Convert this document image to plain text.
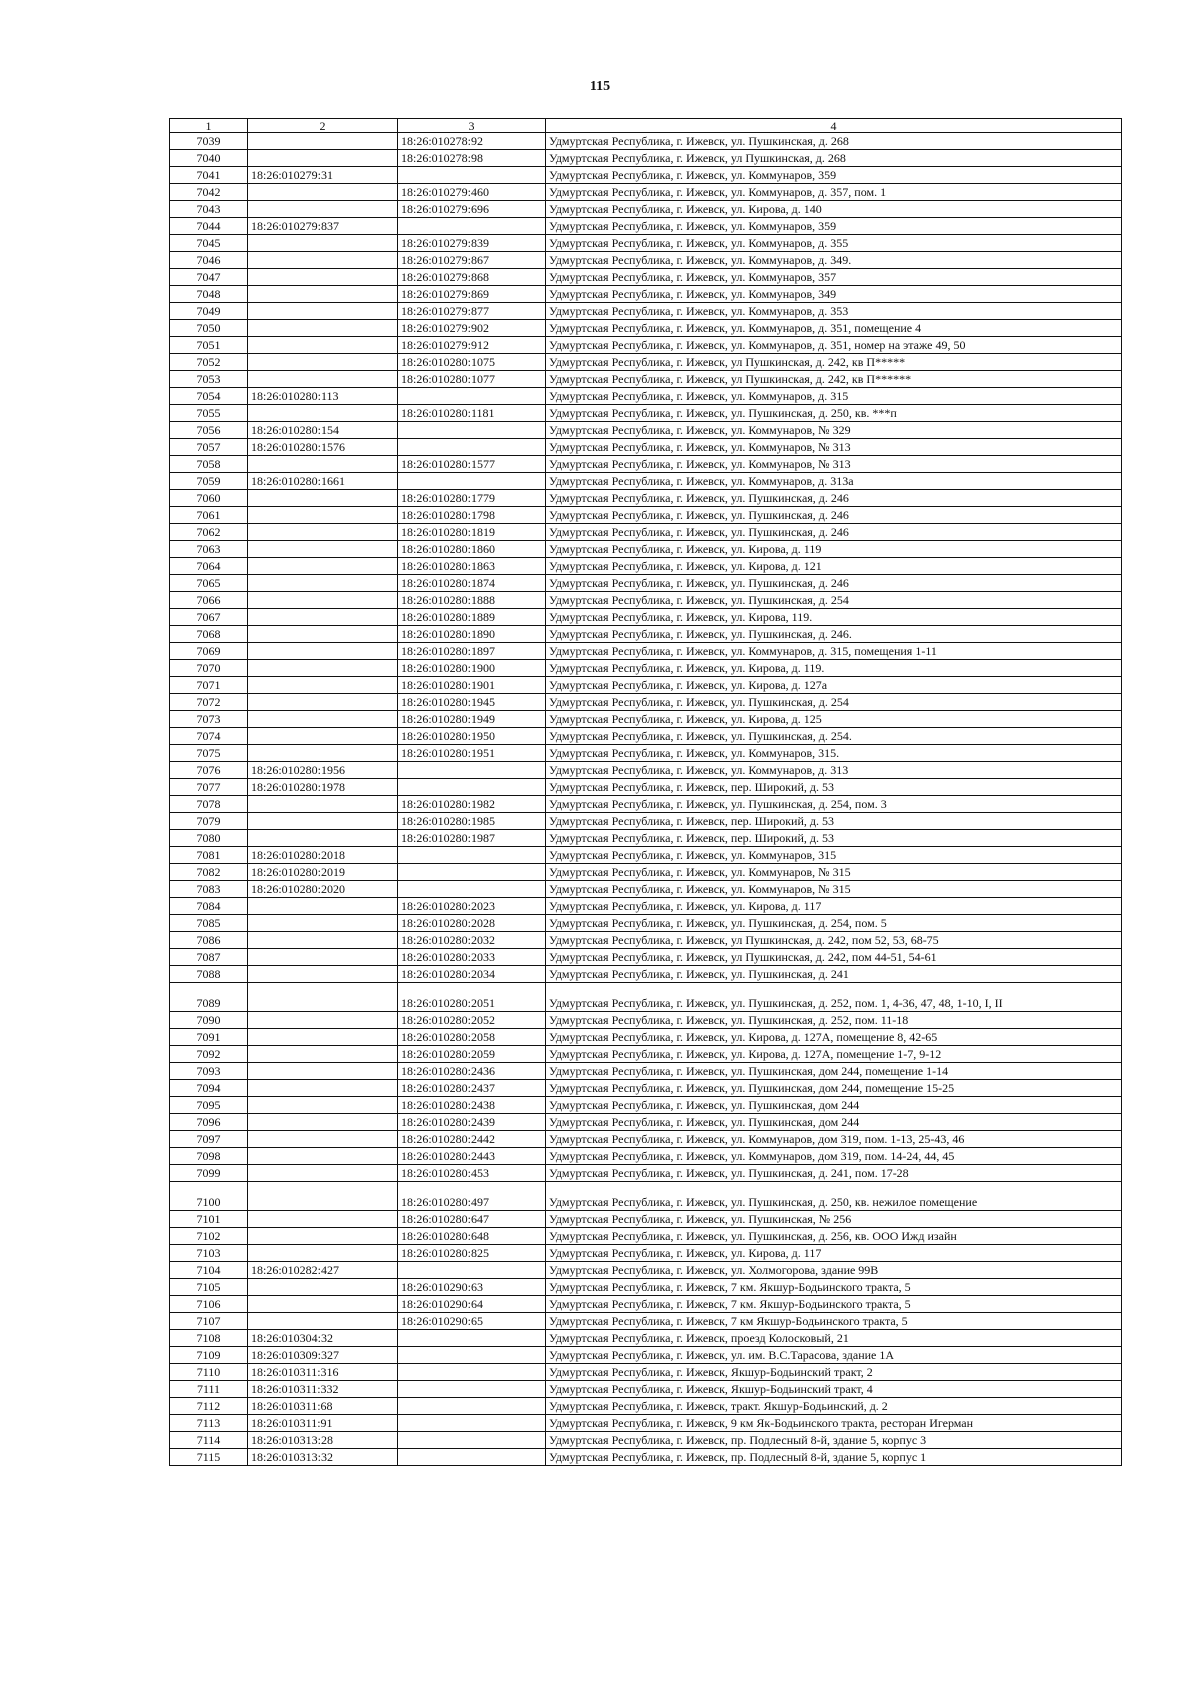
115
1	2	3	4
7039		18:26:010278:92	Удмуртская Республика, г. Ижевск, ул. Пушкинская, д. 268
7040		18:26:010278:98	Удмуртская Республика, г. Ижевск, ул Пушкинская, д. 268
7041	18:26:010279:31		Удмуртская Республика, г. Ижевск, ул. Коммунаров, 359
7042		18:26:010279:460	Удмуртская Республика, г. Ижевск, ул. Коммунаров, д. 357, пом. 1
7043		18:26:010279:696	Удмуртская Республика, г. Ижевск, ул. Кирова, д. 140
7044	18:26:010279:837		Удмуртская Республика, г. Ижевск, ул. Коммунаров, 359
7045		18:26:010279:839	Удмуртская Республика, г. Ижевск, ул. Коммунаров, д. 355
7046		18:26:010279:867	Удмуртская Республика, г. Ижевск, ул. Коммунаров, д. 349.
7047		18:26:010279:868	Удмуртская Республика, г. Ижевск, ул. Коммунаров, 357
7048		18:26:010279:869	Удмуртская Республика, г. Ижевск, ул. Коммунаров, 349
7049		18:26:010279:877	Удмуртская Республика, г. Ижевск, ул. Коммунаров, д. 353
7050		18:26:010279:902	Удмуртская Республика, г. Ижевск, ул. Коммунаров, д. 351, помещение 4
7051		18:26:010279:912	Удмуртская Республика, г. Ижевск, ул. Коммунаров, д. 351, номер на этаже 49, 50
7052		18:26:010280:1075	Удмуртская Республика, г. Ижевск, ул Пушкинская, д. 242, кв П*****
7053		18:26:010280:1077	Удмуртская Республика, г. Ижевск, ул Пушкинская, д. 242, кв П******
7054	18:26:010280:113		Удмуртская Республика, г. Ижевск, ул. Коммунаров, д. 315
7055		18:26:010280:1181	Удмуртская Республика, г. Ижевск, ул. Пушкинская, д. 250, кв. ***п
7056	18:26:010280:154		Удмуртская Республика, г. Ижевск, ул. Коммунаров, № 329
7057	18:26:010280:1576		Удмуртская Республика, г. Ижевск, ул. Коммунаров, № 313
7058		18:26:010280:1577	Удмуртская Республика, г. Ижевск, ул. Коммунаров, № 313
7059	18:26:010280:1661		Удмуртская Республика, г. Ижевск, ул. Коммунаров, д. 313а
7060		18:26:010280:1779	Удмуртская Республика, г. Ижевск, ул. Пушкинская, д. 246
7061		18:26:010280:1798	Удмуртская Республика, г. Ижевск, ул. Пушкинская, д. 246
7062		18:26:010280:1819	Удмуртская Республика, г. Ижевск, ул. Пушкинская, д. 246
7063		18:26:010280:1860	Удмуртская Республика, г. Ижевск, ул. Кирова, д. 119
7064		18:26:010280:1863	Удмуртская Республика, г. Ижевск, ул. Кирова, д. 121
7065		18:26:010280:1874	Удмуртская Республика, г. Ижевск, ул. Пушкинская, д. 246
7066		18:26:010280:1888	Удмуртская Республика, г. Ижевск, ул. Пушкинская, д. 254
7067		18:26:010280:1889	Удмуртская Республика, г. Ижевск, ул. Кирова, 119.
7068		18:26:010280:1890	Удмуртская Республика, г. Ижевск, ул. Пушкинская, д. 246.
7069		18:26:010280:1897	Удмуртская Республика, г. Ижевск, ул. Коммунаров, д. 315, помещения 1-11
7070		18:26:010280:1900	Удмуртская Республика, г. Ижевск, ул. Кирова, д. 119.
7071		18:26:010280:1901	Удмуртская Республика, г. Ижевск, ул. Кирова, д. 127а
7072		18:26:010280:1945	Удмуртская Республика, г. Ижевск, ул. Пушкинская, д. 254
7073		18:26:010280:1949	Удмуртская Республика, г. Ижевск, ул. Кирова, д. 125
7074		18:26:010280:1950	Удмуртская Республика, г. Ижевск, ул. Пушкинская, д. 254.
7075		18:26:010280:1951	Удмуртская Республика, г. Ижевск, ул. Коммунаров, 315.
7076	18:26:010280:1956		Удмуртская Республика, г. Ижевск, ул. Коммунаров, д. 313
7077	18:26:010280:1978		Удмуртская Республика, г. Ижевск, пер. Широкий, д. 53
7078		18:26:010280:1982	Удмуртская Республика, г. Ижевск, ул. Пушкинская, д. 254, пом. 3
7079		18:26:010280:1985	Удмуртская Республика, г. Ижевск, пер. Широкий, д. 53
7080		18:26:010280:1987	Удмуртская Республика, г. Ижевск, пер. Широкий, д. 53
7081	18:26:010280:2018		Удмуртская Республика, г. Ижевск, ул. Коммунаров, 315
7082	18:26:010280:2019		Удмуртская Республика, г. Ижевск, ул. Коммунаров, № 315
7083	18:26:010280:2020		Удмуртская Республика, г. Ижевск, ул. Коммунаров, № 315
7084		18:26:010280:2023	Удмуртская Республика, г. Ижевск, ул. Кирова, д. 117
7085		18:26:010280:2028	Удмуртская Республика, г. Ижевск, ул. Пушкинская, д. 254, пом. 5
7086		18:26:010280:2032	Удмуртская Республика, г. Ижевск, ул Пушкинская, д. 242, пом 52, 53, 68-75
7087		18:26:010280:2033	Удмуртская Республика, г. Ижевск, ул Пушкинская, д. 242, пом 44-51, 54-61
7088		18:26:010280:2034	Удмуртская Республика, г. Ижевск, ул. Пушкинская, д. 241
7089		18:26:010280:2051	Удмуртская Республика, г. Ижевск, ул. Пушкинская, д. 252, пом. 1, 4-36, 47, 48, 1-10, I, II
7090		18:26:010280:2052	Удмуртская Республика, г. Ижевск, ул. Пушкинская, д. 252, пом. 11-18
7091		18:26:010280:2058	Удмуртская Республика, г. Ижевск, ул. Кирова, д. 127А, помещение 8, 42-65
7092		18:26:010280:2059	Удмуртская Республика, г. Ижевск, ул. Кирова, д. 127А, помещение 1-7, 9-12
7093		18:26:010280:2436	Удмуртская Республика, г. Ижевск, ул. Пушкинская, дом 244, помещение 1-14
7094		18:26:010280:2437	Удмуртская Республика, г. Ижевск, ул. Пушкинская, дом 244, помещение 15-25
7095		18:26:010280:2438	Удмуртская Республика, г. Ижевск, ул. Пушкинская, дом 244
7096		18:26:010280:2439	Удмуртская Республика, г. Ижевск, ул. Пушкинская, дом 244
7097		18:26:010280:2442	Удмуртская Республика, г. Ижевск, ул. Коммунаров, дом 319, пом. 1-13, 25-43, 46
7098		18:26:010280:2443	Удмуртская Республика, г. Ижевск, ул. Коммунаров, дом 319, пом. 14-24, 44, 45
7099		18:26:010280:453	Удмуртская Республика, г. Ижевск, ул. Пушкинская, д. 241, пом. 17-28
7100		18:26:010280:497	Удмуртская Республика, г. Ижевск, ул. Пушкинская, д. 250, кв. нежилое помещение
7101		18:26:010280:647	Удмуртская Республика, г. Ижевск, ул. Пушкинская, № 256
7102		18:26:010280:648	Удмуртская Республика, г. Ижевск, ул. Пушкинская, д. 256, кв. ООО Ижд изайн
7103		18:26:010280:825	Удмуртская Республика, г. Ижевск, ул. Кирова, д. 117
7104	18:26:010282:427		Удмуртская Республика, г. Ижевск, ул. Холмогорова, здание 99В
7105		18:26:010290:63	Удмуртская Республика, г. Ижевск, 7 км. Якшур-Бодьинского тракта, 5
7106		18:26:010290:64	Удмуртская Республика, г. Ижевск, 7 км. Якшур-Бодьинского тракта, 5
7107		18:26:010290:65	Удмуртская Республика, г. Ижевск, 7 км Якшур-Бодьинского тракта, 5
7108	18:26:010304:32		Удмуртская Республика, г. Ижевск, проезд Колосковый, 21
7109	18:26:010309:327		Удмуртская Республика, г. Ижевск, ул. им. В.С.Тарасова, здание 1А
7110	18:26:010311:316		Удмуртская Республика, г. Ижевск, Якшур-Бодьинский тракт, 2
7111	18:26:010311:332		Удмуртская Республика, г. Ижевск, Якшур-Бодьинский тракт, 4
7112	18:26:010311:68		Удмуртская Республика, г. Ижевск, тракт. Якшур-Бодьинский, д. 2
7113	18:26:010311:91		Удмуртская Республика, г. Ижевск, 9 км Як-Бодьинского тракта, ресторан Игерман
7114	18:26:010313:28		Удмуртская Республика, г. Ижевск, пр. Подлесный 8-й, здание 5, корпус 3
7115	18:26:010313:32		Удмуртская Республика, г. Ижевск, пр. Подлесный 8-й, здание 5, корпус 1
